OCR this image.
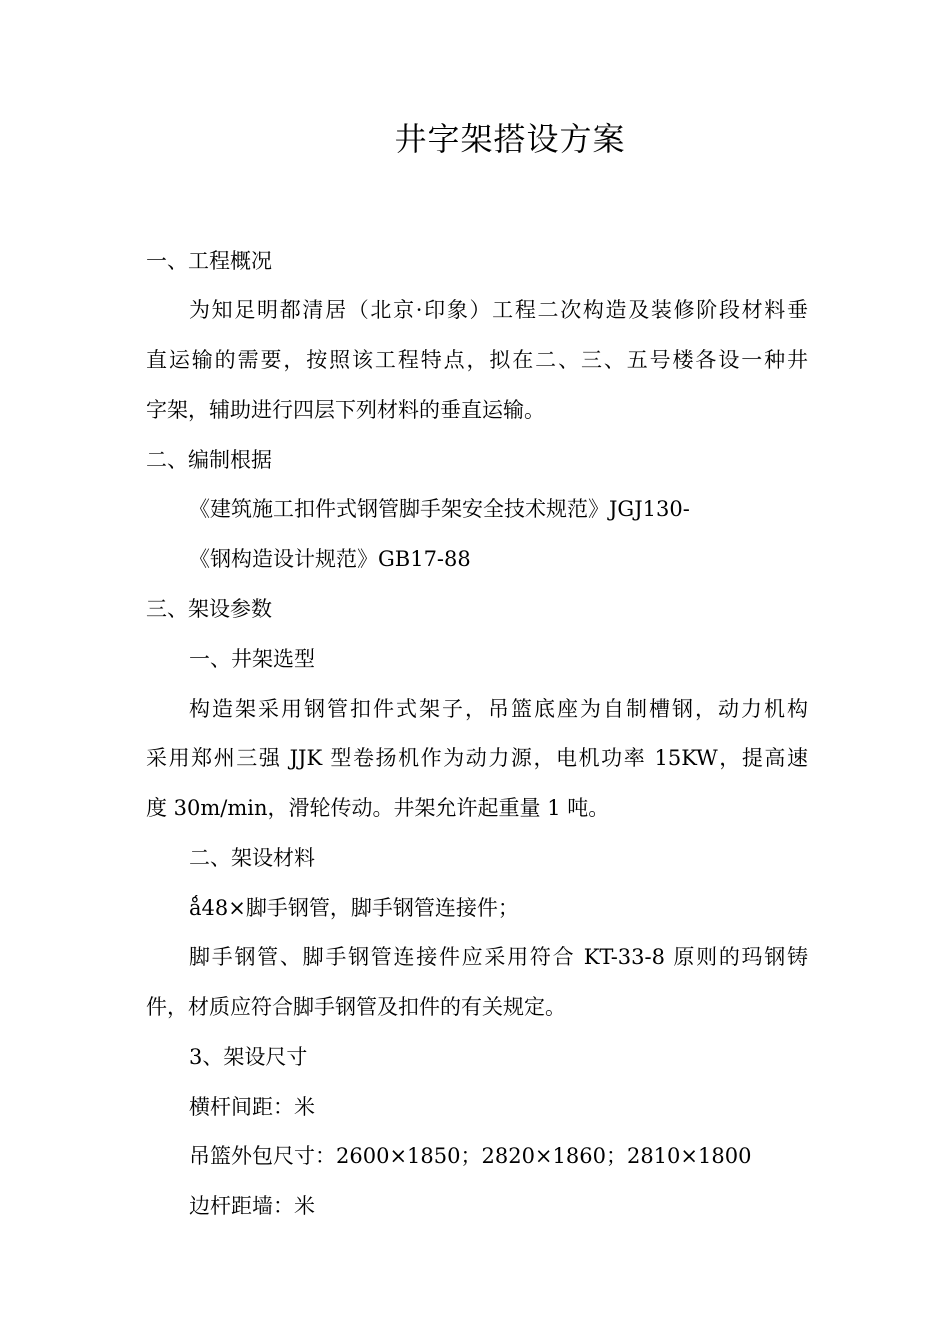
井字架搭设方案
一、工程概况
为知足明都清居（北京·印象）工程二次构造及装修阶段材料垂
直运输的需要，按照该工程特点，拟在二、三、五号楼各设一种井
字架，辅助进行四层下列材料的垂直运输。
二、编制根据
《建筑施工扣件式钢管脚手架安全技术规范》JGJ130-
《钢构造设计规范》GB17-88
三、架设参数
一、井架选型
构造架采用钢管扣件式架子，吊篮底座为自制槽钢，动力机构
采用郑州三强 JJK 型卷扬机作为动力源，电机功率 15KW，提高速
度 30m/min，滑轮传动。井架允许起重量 1 吨。
二、架设材料
ǻ48×脚手钢管，脚手钢管连接件；
脚手钢管、脚手钢管连接件应采用符合 KT-33-8 原则的玛钢铸
件，材质应符合脚手钢管及扣件的有关规定。
3、架设尺寸
横杆间距：米
吊篮外包尺寸：2600×1850；2820×1860；2810×1800
边杆距墙：米
